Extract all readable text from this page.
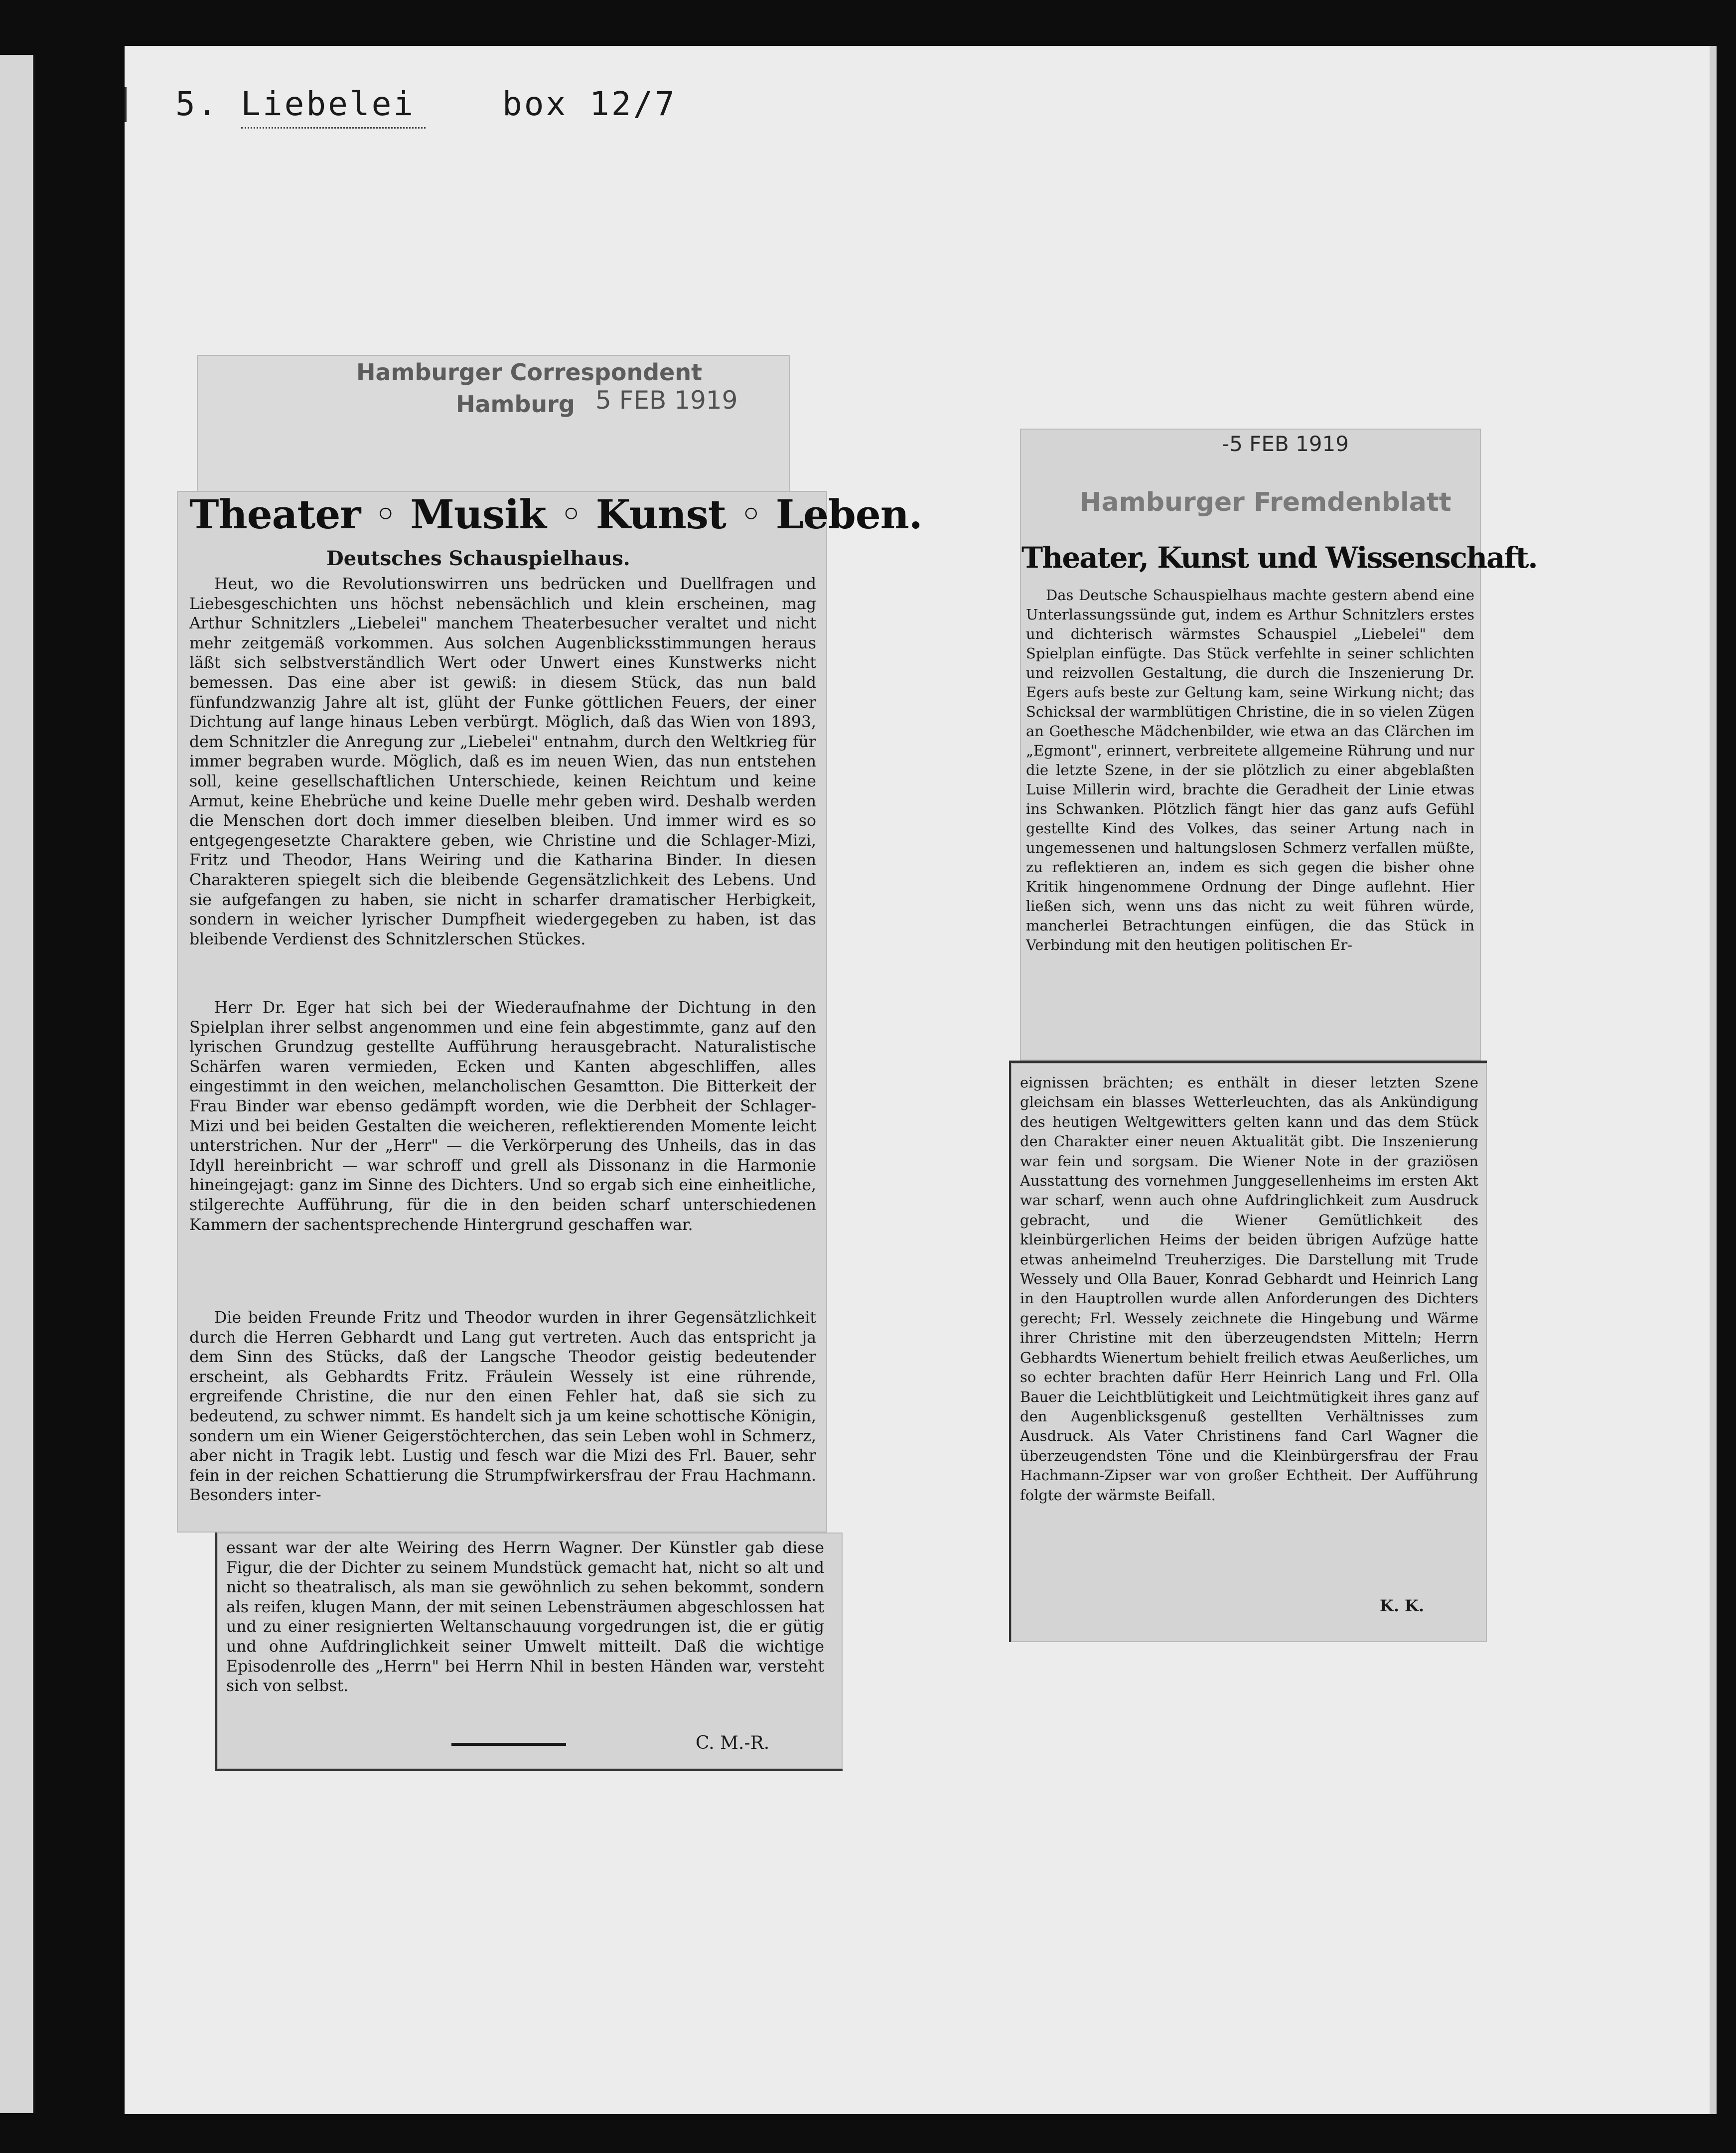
5. Liebelei    box 12/7
Hamburger Correspondent
Hamburg 5 FEB 1919
Theater ◦ Musik ◦ Kunst ◦ Leben.
Deutsches Schauspielhaus.

Heut, wo die Revolutionswirren uns bedrücken und Duellfragen und Liebesgeschichten uns höchst nebensächlich und klein erscheinen, mag Arthur Schnitzlers „Liebelei" manchem Theaterbesucher veraltet und nicht mehr zeitgemäß vorkommen. Aus solchen Augenblicksstimmungen heraus läßt sich selbstverständlich Wert oder Unwert eines Kunstwerks nicht bemessen. Das eine aber ist gewiß: in diesem Stück, das nun bald fünfundzwanzig Jahre alt ist, glüht der Funke göttlichen Feuers, der einer Dichtung auf lange hinaus Leben verbürgt. Möglich, daß das Wien von 1893, dem Schnitzler die Anregung zur „Liebelei" entnahm, durch den Weltkrieg für immer begraben wurde. Möglich, daß es im neuen Wien, das nun entstehen soll, keine gesellschaftlichen Unterschiede, keinen Reichtum und keine Armut, keine Ehebrüche und keine Duelle mehr geben wird. Deshalb werden die Menschen dort doch immer dieselben bleiben. Und immer wird es so entgegengesetzte Charaktere geben, wie Christine und die Schlager-Mizi, Fritz und Theodor, Hans Weiring und die Katharina Binder. In diesen Charakteren spiegelt sich die bleibende Gegensätzlichkeit des Lebens. Und sie aufgefangen zu haben, sie nicht in scharfer dramatischer Herbigkeit, sondern in weicher lyrischer Dumpfheit wiedergegeben zu haben, ist das bleibende Verdienst des Schnitzlerschen Stückes.

Herr Dr. Eger hat sich bei der Wiederaufnahme der Dichtung in den Spielplan ihrer selbst angenommen und eine fein abgestimmte, ganz auf den lyrischen Grundzug gestellte Aufführung herausgebracht. Naturalistische Schärfen waren vermieden, Ecken und Kanten abgeschliffen, alles eingestimmt in den weichen, melancholischen Gesamtton. Die Bitterkeit der Frau Binder war ebenso gedämpft worden, wie die Derbheit der Schlager-Mizi und bei beiden Gestalten die weicheren, reflektierenden Momente leicht unterstrichen. Nur der „Herr" — die Verkörperung des Unheils, das in das Idyll hereinbricht — war schroff und grell als Dissonanz in die Harmonie hineingejagt: ganz im Sinne des Dichters. Und so ergab sich eine einheitliche, stilgerechte Aufführung, für die in den beiden scharf unterschiedenen Kammern der sachentsprechende Hintergrund geschaffen war.

Die beiden Freunde Fritz und Theodor wurden in ihrer Gegensätzlichkeit durch die Herren Gebhardt und Lang gut vertreten. Auch das entspricht ja dem Sinn des Stücks, daß der Langsche Theodor geistig bedeutender erscheint, als Gebhardts Fritz. Fräulein Wessely ist eine rührende, ergreifende Christine, die nur den einen Fehler hat, daß sie sich zu bedeutend, zu schwer nimmt. Es handelt sich ja um keine schottische Königin, sondern um ein Wiener Geigerstöchterchen, das sein Leben wohl in Schmerz, aber nicht in Tragik lebt. Lustig und fesch war die Mizi des Frl. Bauer, sehr fein in der reichen Schattierung die Strumpfwirkersfrau der Frau Hachmann. Besonders inter-

essant war der alte Weiring des Herrn Wagner. Der Künstler gab diese Figur, die der Dichter zu seinem Mundstück gemacht hat, nicht so alt und nicht so theatralisch, als man sie gewöhnlich zu sehen bekommt, sondern als reifen, klugen Mann, der mit seinen Lebensträumen abgeschlossen hat und zu einer resignierten Weltanschauung vorgedrungen ist, die er gütig und ohne Aufdringlichkeit seiner Umwelt mitteilt. Daß die wichtige Episodenrolle des „Herrn" bei Herrn Nhil in besten Händen war, versteht sich von selbst.

C. M.-R.
-5 FEB 1919
Hamburger Fremdenblatt
Theater, Kunst und Wissenschaft.

Das Deutsche Schauspielhaus machte gestern abend eine Unterlassungssünde gut, indem es Arthur Schnitzlers erstes und dichterisch wärmstes Schauspiel „Liebelei" dem Spielplan einfügte. Das Stück verfehlte in seiner schlichten und reizvollen Gestaltung, die durch die Inszenierung Dr. Egers aufs beste zur Geltung kam, seine Wirkung nicht; das Schicksal der warmblütigen Christine, die in so vielen Zügen an Goethesche Mädchenbilder, wie etwa an das Clärchen im „Egmont", erinnert, verbreitete allgemeine Rührung und nur die letzte Szene, in der sie plötzlich zu einer abgeblaßten Luise Millerin wird, brachte die Geradheit der Linie etwas ins Schwanken. Plötzlich fängt hier das ganz aufs Gefühl gestellte Kind des Volkes, das seiner Artung nach in ungemessenen und haltungslosen Schmerz verfallen müßte, zu reflektieren an, indem es sich gegen die bisher ohne Kritik hingenommene Ordnung der Dinge auflehnt. Hier ließen sich, wenn uns das nicht zu weit führen würde, mancherlei Betrachtungen einfügen, die das Stück in Verbindung mit den heutigen politischen Er-

eignissen brächten; es enthält in dieser letzten Szene gleichsam ein blasses Wetterleuchten, das als Ankündigung des heutigen Weltgewitters gelten kann und das dem Stück den Charakter einer neuen Aktualität gibt. Die Inszenierung war fein und sorgsam. Die Wiener Note in der graziösen Ausstattung des vornehmen Junggesellenheims im ersten Akt war scharf, wenn auch ohne Aufdringlichkeit zum Ausdruck gebracht, und die Wiener Gemütlichkeit des kleinbürgerlichen Heims der beiden übrigen Aufzüge hatte etwas anheimelnd Treuherziges. Die Darstellung mit Trude Wessely und Olla Bauer, Konrad Gebhardt und Heinrich Lang in den Hauptrollen wurde allen Anforderungen des Dichters gerecht; Frl. Wessely zeichnete die Hingebung und Wärme ihrer Christine mit den überzeugendsten Mitteln; Herrn Gebhardts Wienertum behielt freilich etwas Aeußerliches, um so echter brachten dafür Herr Heinrich Lang und Frl. Olla Bauer die Leichtblütigkeit und Leichtmütigkeit ihres ganz auf den Augenblicksgenuß gestellten Verhältnisses zum Ausdruck. Als Vater Christinens fand Carl Wagner die überzeugendsten Töne und die Kleinbürgersfrau der Frau Hachmann-Zipser war von großer Echtheit. Der Aufführung folgte der wärmste Beifall.

K. K.
